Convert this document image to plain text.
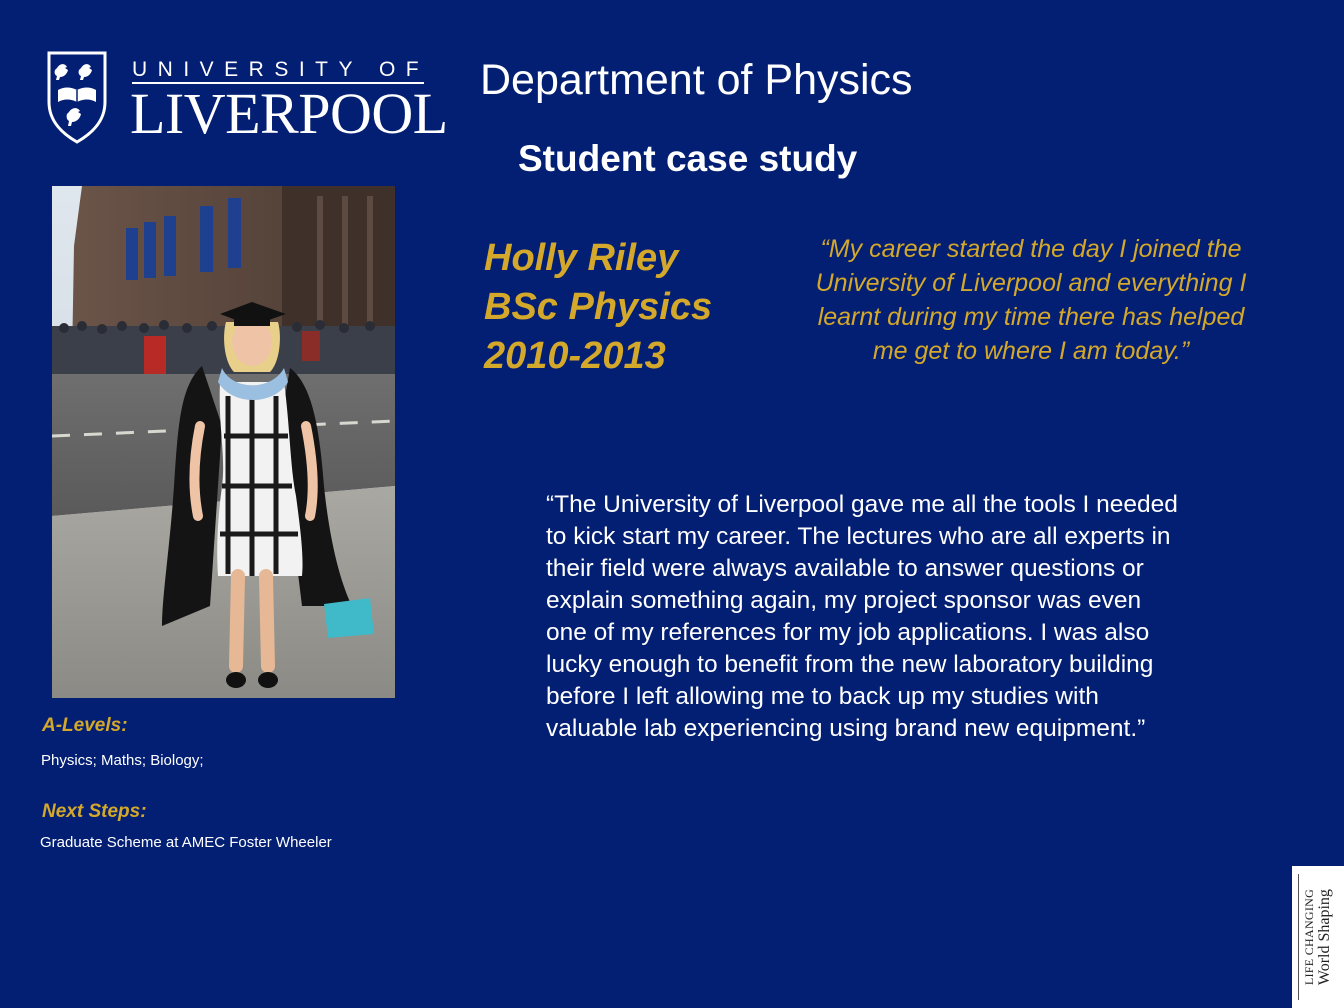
UNIVERSITY OF
LIVERPOOL
Department of Physics
Student case study
Holly Riley
BSc Physics
2010-2013
“My career started the day I joined the University of Liverpool and everything I learnt during my time there has helped me get to where I am today.”
“The University of Liverpool gave me all the tools I needed to kick start my career. The lectures who are all experts in their field were always available to answer questions or explain something again, my project sponsor was even one of my references for my job applications. I was also lucky enough to benefit from the new laboratory building before I left allowing me to back up my studies with valuable lab experiencing using brand new equipment.”
A-Levels:
Physics; Maths; Biology;
Next Steps:
Graduate Scheme at AMEC Foster Wheeler
LIFE CHANGING World Shaping
